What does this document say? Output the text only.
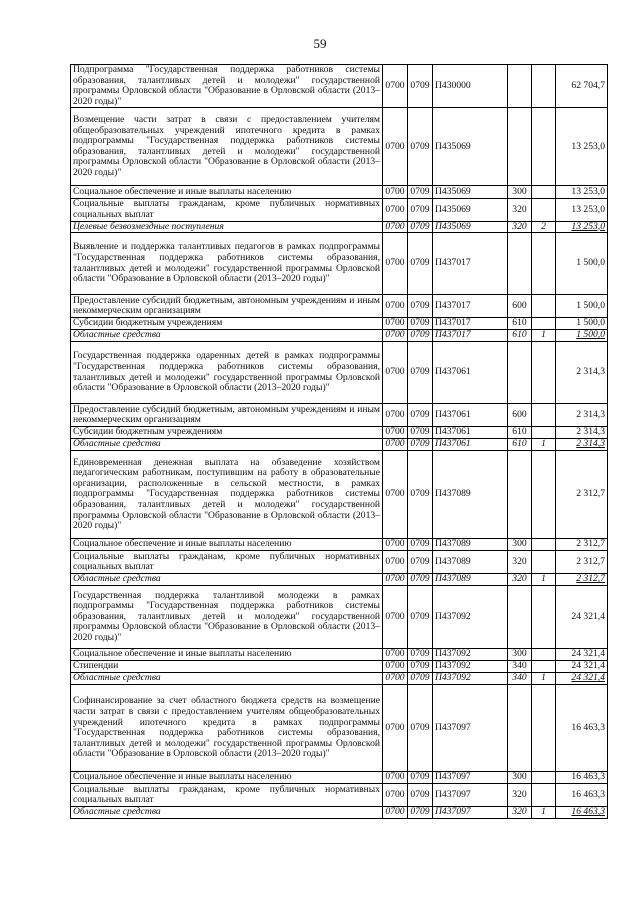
59
Подпрограмма "Государственная поддержка работников системы образования, талантливых детей и молодежи" государственной программы Орловской области "Образование в Орловской области (2013–2020 годы)"	0700	0709	П430000			62 704,7
Возмещение части затрат в связи с предоставлением учителям общеобразовательных учреждений ипотечного кредита в рамках подпрограммы "Государственная поддержка работников системы образования, талантливых детей и молодежи" государственной программы Орловской области "Образование в Орловской области (2013–2020 годы)"	0700	0709	П435069			13 253,0
Социальное обеспечение и иные выплаты населению	0700	0709	П435069	300		13 253,0
Социальные выплаты гражданам, кроме публичных нормативных социальных выплат	0700	0709	П435069	320		13 253,0
Целевые безвозмездные поступления	0700	0709	П435069	320	2	13 253,0
Выявление и поддержка талантливых педагогов в рамках подпрограммы "Государственная поддержка работников системы образования, талантливых детей и молодежи" государственной программы Орловской области "Образование в Орловской области (2013–2020 годы)"	0700	0709	П437017			1 500,0
Предоставление субсидий бюджетным, автономным учреждениям и иным некоммерческим организациям	0700	0709	П437017	600		1 500,0
Субсидии бюджетным учреждениям	0700	0709	П437017	610		1 500,0
Областные средства	0700	0709	П437017	610	1	1 500,0
Государственная поддержка одаренных детей в рамках подпрограммы "Государственная поддержка работников системы образования, талантливых детей и молодежи" государственной программы Орловской области "Образование в Орловской области (2013–2020 годы)"	0700	0709	П437061			2 314,3
Предоставление субсидий бюджетным, автономным учреждениям и иным некоммерческим организациям	0700	0709	П437061	600		2 314,3
Субсидии бюджетным учреждениям	0700	0709	П437061	610		2 314,3
Областные средства	0700	0709	П437061	610	1	2 314,3
Единовременная денежная выплата на обзаведение хозяйством педагогическим работникам, поступившим на работу в образовательные организации, расположенные в сельской местности, в рамках подпрограммы "Государственная поддержка работников системы образования, талантливых детей и молодежи" государственной программы Орловской области "Образование в Орловской области (2013–2020 годы)"	0700	0709	П437089			2 312,7
Социальное обеспечение и иные выплаты населению	0700	0709	П437089	300		2 312,7
Социальные выплаты гражданам, кроме публичных нормативных социальных выплат	0700	0709	П437089	320		2 312,7
Областные средства	0700	0709	П437089	320	1	2 312,7
Государственная поддержка талантливой молодежи в рамках подпрограммы "Государственная поддержка работников системы образования, талантливых детей и молодежи" государственной программы Орловской области "Образование в Орловской области (2013–2020 годы)"	0700	0709	П437092			24 321,4
Социальное обеспечение и иные выплаты населению	0700	0709	П437092	300		24 321,4
Стипендии	0700	0709	П437092	340		24 321,4
Областные средства	0700	0709	П437092	340	1	24 321,4
Софинансирование за счет областного бюджета средств на возмещение части затрат в связи с предоставлением учителям общеобразовательных учреждений ипотечного кредита в рамках подпрограммы "Государственная поддержка работников системы образования, талантливых детей и молодежи" государственной программы Орловской области "Образование в Орловской области (2013–2020 годы)"	0700	0709	П437097			16 463,3
Социальное обеспечение и иные выплаты населению	0700	0709	П437097	300		16 463,3
Социальные выплаты гражданам, кроме публичных нормативных социальных выплат	0700	0709	П437097	320		16 463,3
Областные средства	0700	0709	П437097	320	1	16 463,3
